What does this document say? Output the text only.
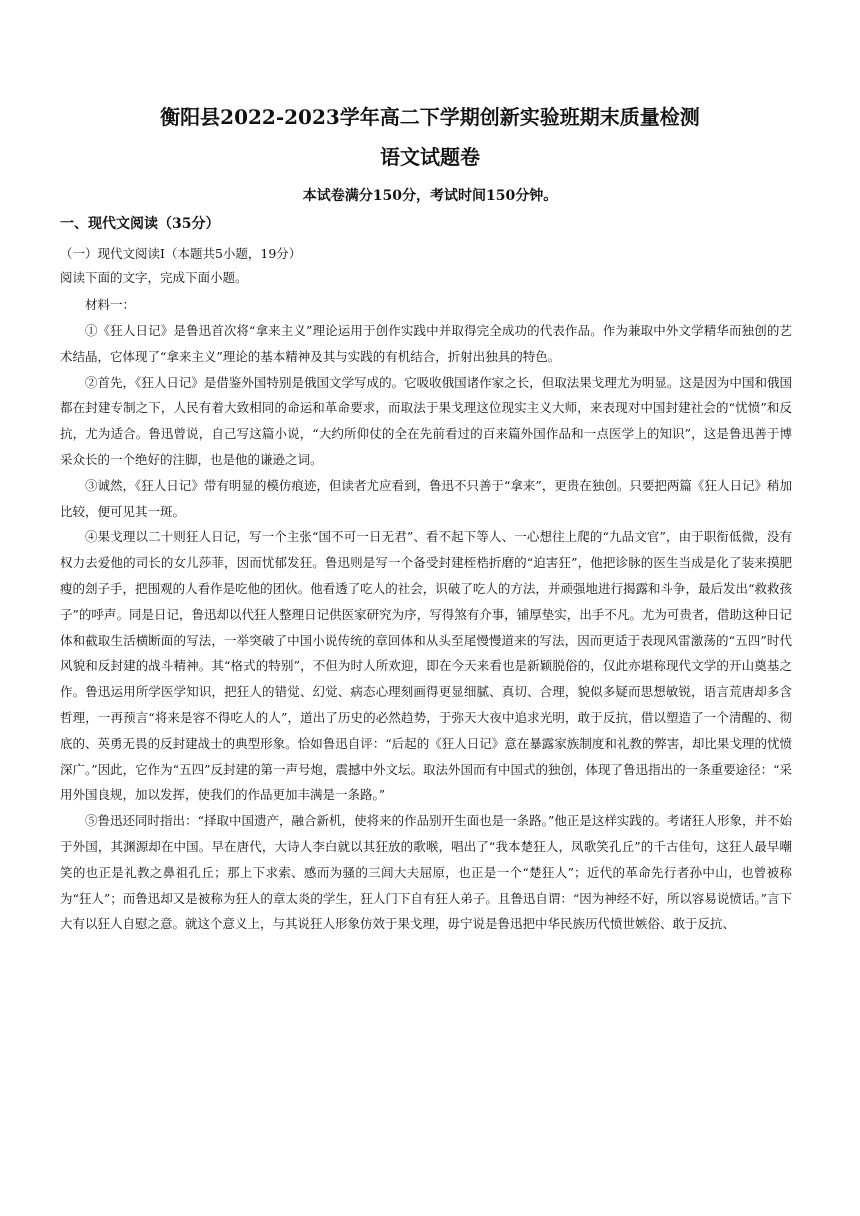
衡阳县2022-2023学年高二下学期创新实验班期末质量检测
语文试题卷

本试卷满分150分，考试时间150分钟。

一、现代文阅读（35分）

（一）现代文阅读Ⅰ（本题共5小题，19分）

阅读下面的文字，完成下面小题。

材料一：

①《狂人日记》是鲁迅首次将“拿来主义”理论运用于创作实践中并取得完全成功的代表作品。作为兼取中外文学精华而独创的艺术结晶，它体现了“拿来主义”理论的基本精神及其与实践的有机结合，折射出独具的特色。

②首先，《狂人日记》是借鉴外国特别是俄国文学写成的。它吸收俄国诸作家之长，但取法果戈理尤为明显。这是因为中国和俄国都在封建专制之下，人民有着大致相同的命运和革命要求，而取法于果戈理这位现实主义大师，来表现对中国封建社会的“忧愤”和反抗，尤为适合。鲁迅曾说，自己写这篇小说，“大约所仰仗的全在先前看过的百来篇外国作品和一点医学上的知识”，这是鲁迅善于博采众长的一个绝好的注脚，也是他的谦逊之词。

③诚然，《狂人日记》带有明显的模仿痕迹，但读者尤应看到，鲁迅不只善于“拿来”，更贵在独创。只要把两篇《狂人日记》稍加比较，便可见其一斑。

④果戈理以二十则狂人日记，写一个主张“国不可一日无君”、看不起下等人、一心想往上爬的“九品文官”，由于职衔低微，没有权力去爱他的司长的女儿莎菲，因而忧郁发狂。鲁迅则是写一个备受封建桎梏折磨的“迫害狂”，他把诊脉的医生当成是化了装来摸肥瘦的刽子手，把围观的人看作是吃他的团伙。他看透了吃人的社会，识破了吃人的方法，并顽强地进行揭露和斗争，最后发出“救救孩子”的呼声。同是日记，鲁迅却以代狂人整理日记供医家研究为序，写得煞有介事，铺厚垫实，出手不凡。尤为可贵者，借助这种日记体和截取生活横断面的写法，一举突破了中国小说传统的章回体和从头至尾慢慢道来的写法，因而更适于表现风雷激荡的“五四”时代风貌和反封建的战斗精神。其“格式的特别”，不但为时人所欢迎，即在今天来看也是新颖脱俗的，仅此亦堪称现代文学的开山奠基之作。鲁迅运用所学医学知识，把狂人的错觉、幻觉、病态心理刻画得更显细腻、真切、合理，貌似多疑而思想敏锐，语言荒唐却多含哲理，一再预言“将来是容不得吃人的人”，道出了历史的必然趋势，于弥天大夜中追求光明，敢于反抗，借以塑造了一个清醒的、彻底的、英勇无畏的反封建战士的典型形象。恰如鲁迅自评：“后起的《狂人日记》意在暴露家族制度和礼教的弊害，却比果戈理的忧愤深广。”因此，它作为“五四”反封建的第一声号炮，震撼中外文坛。取法外国而有中国式的独创，体现了鲁迅指出的一条重要途径：“采用外国良规，加以发挥，使我们的作品更加丰满是一条路。”

⑤鲁迅还同时指出：“择取中国遗产，融合新机，使将来的作品别开生面也是一条路。”他正是这样实践的。考诸狂人形象，并不始于外国，其渊源却在中国。早在唐代，大诗人李白就以其狂放的歌喉，唱出了“我本楚狂人，凤歌笑孔丘”的千古佳句，这狂人最早嘲笑的也正是礼教之鼻祖孔丘；那上下求索、感而为骚的三闾大夫屈原，也正是一个“楚狂人”；近代的革命先行者孙中山，也曾被称为“狂人”；而鲁迅却又是被称为狂人的章太炎的学生，狂人门下自有狂人弟子。且鲁迅自谓：“因为神经不好，所以容易说愤话。”言下大有以狂人自慰之意。就这个意义上，与其说狂人形象仿效于果戈理，毋宁说是鲁迅把中华民族历代愤世嫉俗、敢于反抗、
